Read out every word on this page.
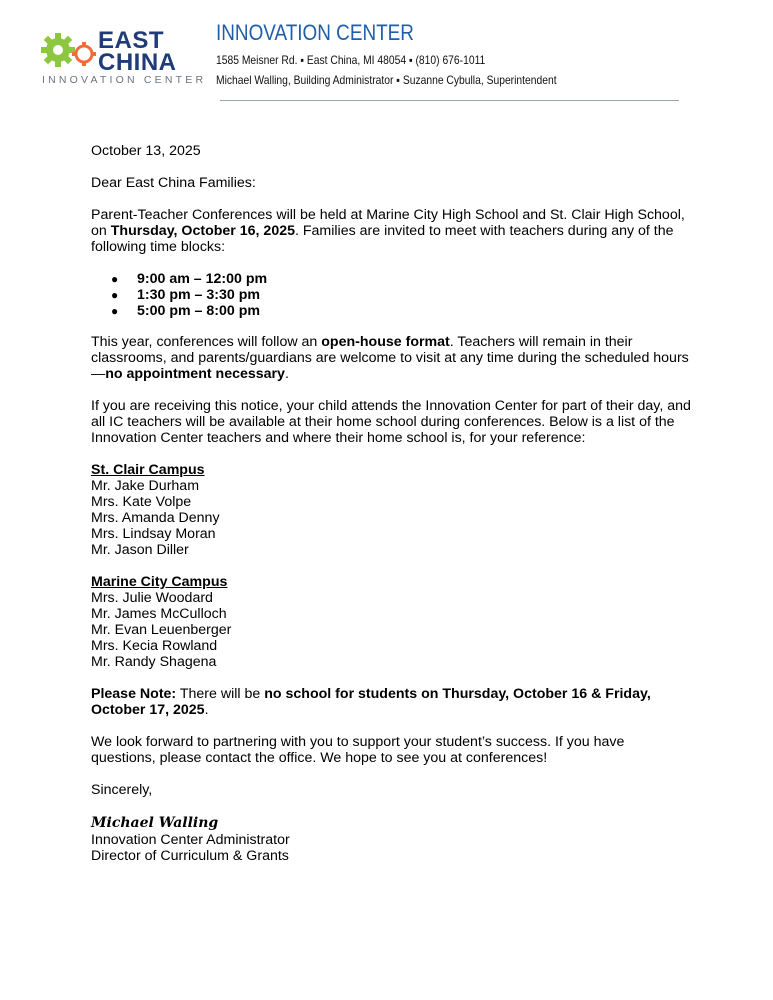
EAST
CHINA
INNOVATION CENTER
INNOVATION CENTER
1585 Meisner Rd. ▪ East China, MI 48054 ▪ (810) 676-1011
Michael Walling, Building Administrator ▪ Suzanne Cybulla, Superintendent

October 13, 2025

Dear East China Families:

Parent-Teacher Conferences will be held at Marine City High School and St. Clair High School, on Thursday, October 16, 2025. Families are invited to meet with teachers during any of the following time blocks:

● 9:00 am – 12:00 pm
● 1:30 pm – 3:30 pm
● 5:00 pm – 8:00 pm

This year, conferences will follow an open-house format. Teachers will remain in their classrooms, and parents/guardians are welcome to visit at any time during the scheduled hours—no appointment necessary.

If you are receiving this notice, your child attends the Innovation Center for part of their day, and all IC teachers will be available at their home school during conferences. Below is a list of the Innovation Center teachers and where their home school is, for your reference:

St. Clair Campus
Mr. Jake Durham
Mrs. Kate Volpe
Mrs. Amanda Denny
Mrs. Lindsay Moran
Mr. Jason Diller
Marine City Campus
Mrs. Julie Woodard
Mr. James McCulloch
Mr. Evan Leuenberger
Mrs. Kecia Rowland
Mr. Randy Shagena

Please Note: There will be no school for students on Thursday, October 16 & Friday, October 17, 2025.

We look forward to partnering with you to support your student’s success. If you have questions, please contact the office. We hope to see you at conferences!

Sincerely,

Michael Walling
Innovation Center Administrator
Director of Curriculum & Grants
